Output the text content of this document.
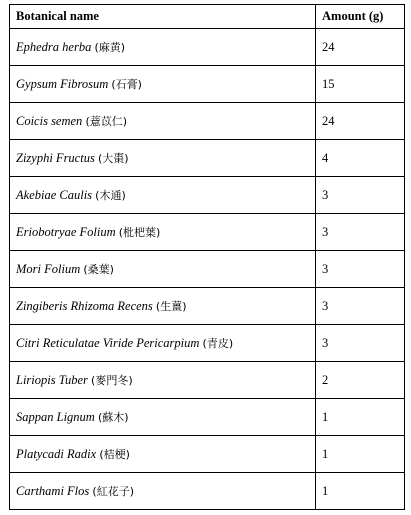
Botanical name	Amount (g)
Ephedra herba (麻黄)	24
Gypsum Fibrosum (石膏)	15
Coicis semen (薏苡仁)	24
Zizyphi Fructus (大棗)	4
Akebiae Caulis (木通)	3
Eriobotryae Folium (枇杷葉)	3
Mori Folium (桑葉)	3
Zingiberis Rhizoma Recens (生薑)	3
Citri Reticulatae Viride Pericarpium (青皮)	3
Liriopis Tuber (麥門冬)	2
Sappan Lignum (蘇木)	1
Platycadi Radix (桔梗)	1
Carthami Flos (紅花子)	1
